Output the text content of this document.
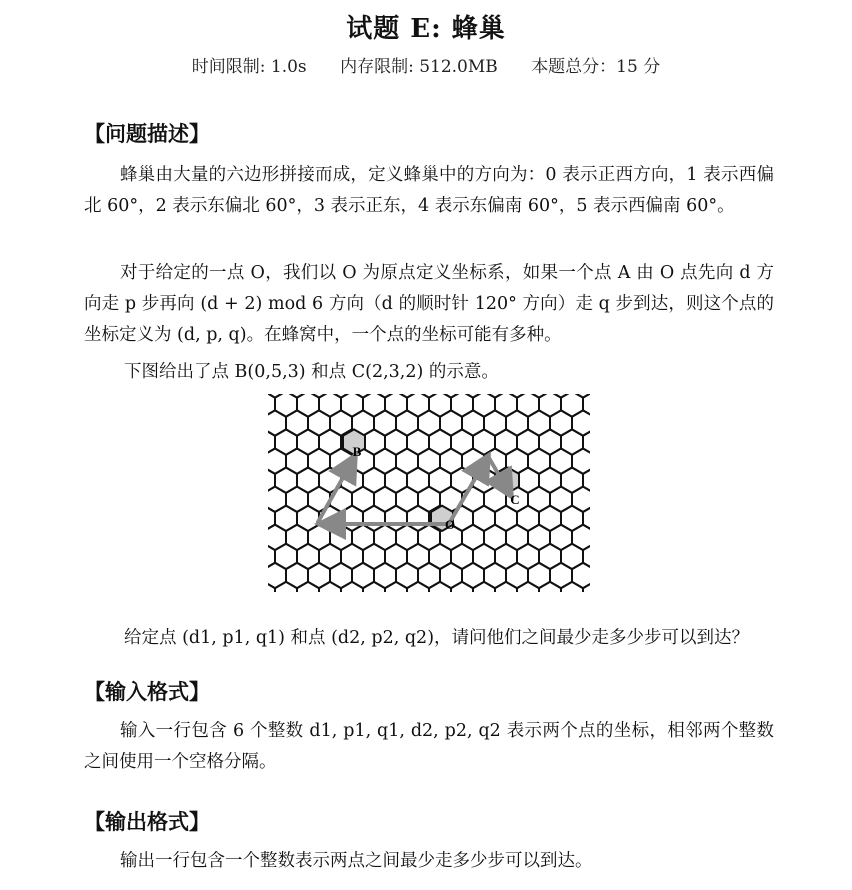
试题 E: 蜂巢
时间限制: 1.0s 内存限制: 512.0MB 本题总分：15 分
【问题描述】
蜂巢由大量的六边形拼接而成，定义蜂巢中的方向为：0 表示正西方向，1 表示西偏北 60°，2 表示东偏北 60°，3 表示正东，4 表示东偏南 60°，5 表示西偏南 60°。
对于给定的一点 O，我们以 O 为原点定义坐标系，如果一个点 A 由 O 点先向 d 方向走 p 步再向 (d + 2) mod 6 方向（d 的顺时针 120° 方向）走 q 步到达，则这个点的坐标定义为 (d, p, q)。在蜂窝中，一个点的坐标可能有多种。
下图给出了点 B(0,5,3) 和点 C(2,3,2) 的示意。
B
C
O
给定点 (d1, p1, q1) 和点 (d2, p2, q2)，请问他们之间最少走多少步可以到达？
【输入格式】
输入一行包含 6 个整数 d1, p1, q1, d2, p2, q2 表示两个点的坐标，相邻两个整数之间使用一个空格分隔。
【输出格式】
输出一行包含一个整数表示两点之间最少走多少步可以到达。
